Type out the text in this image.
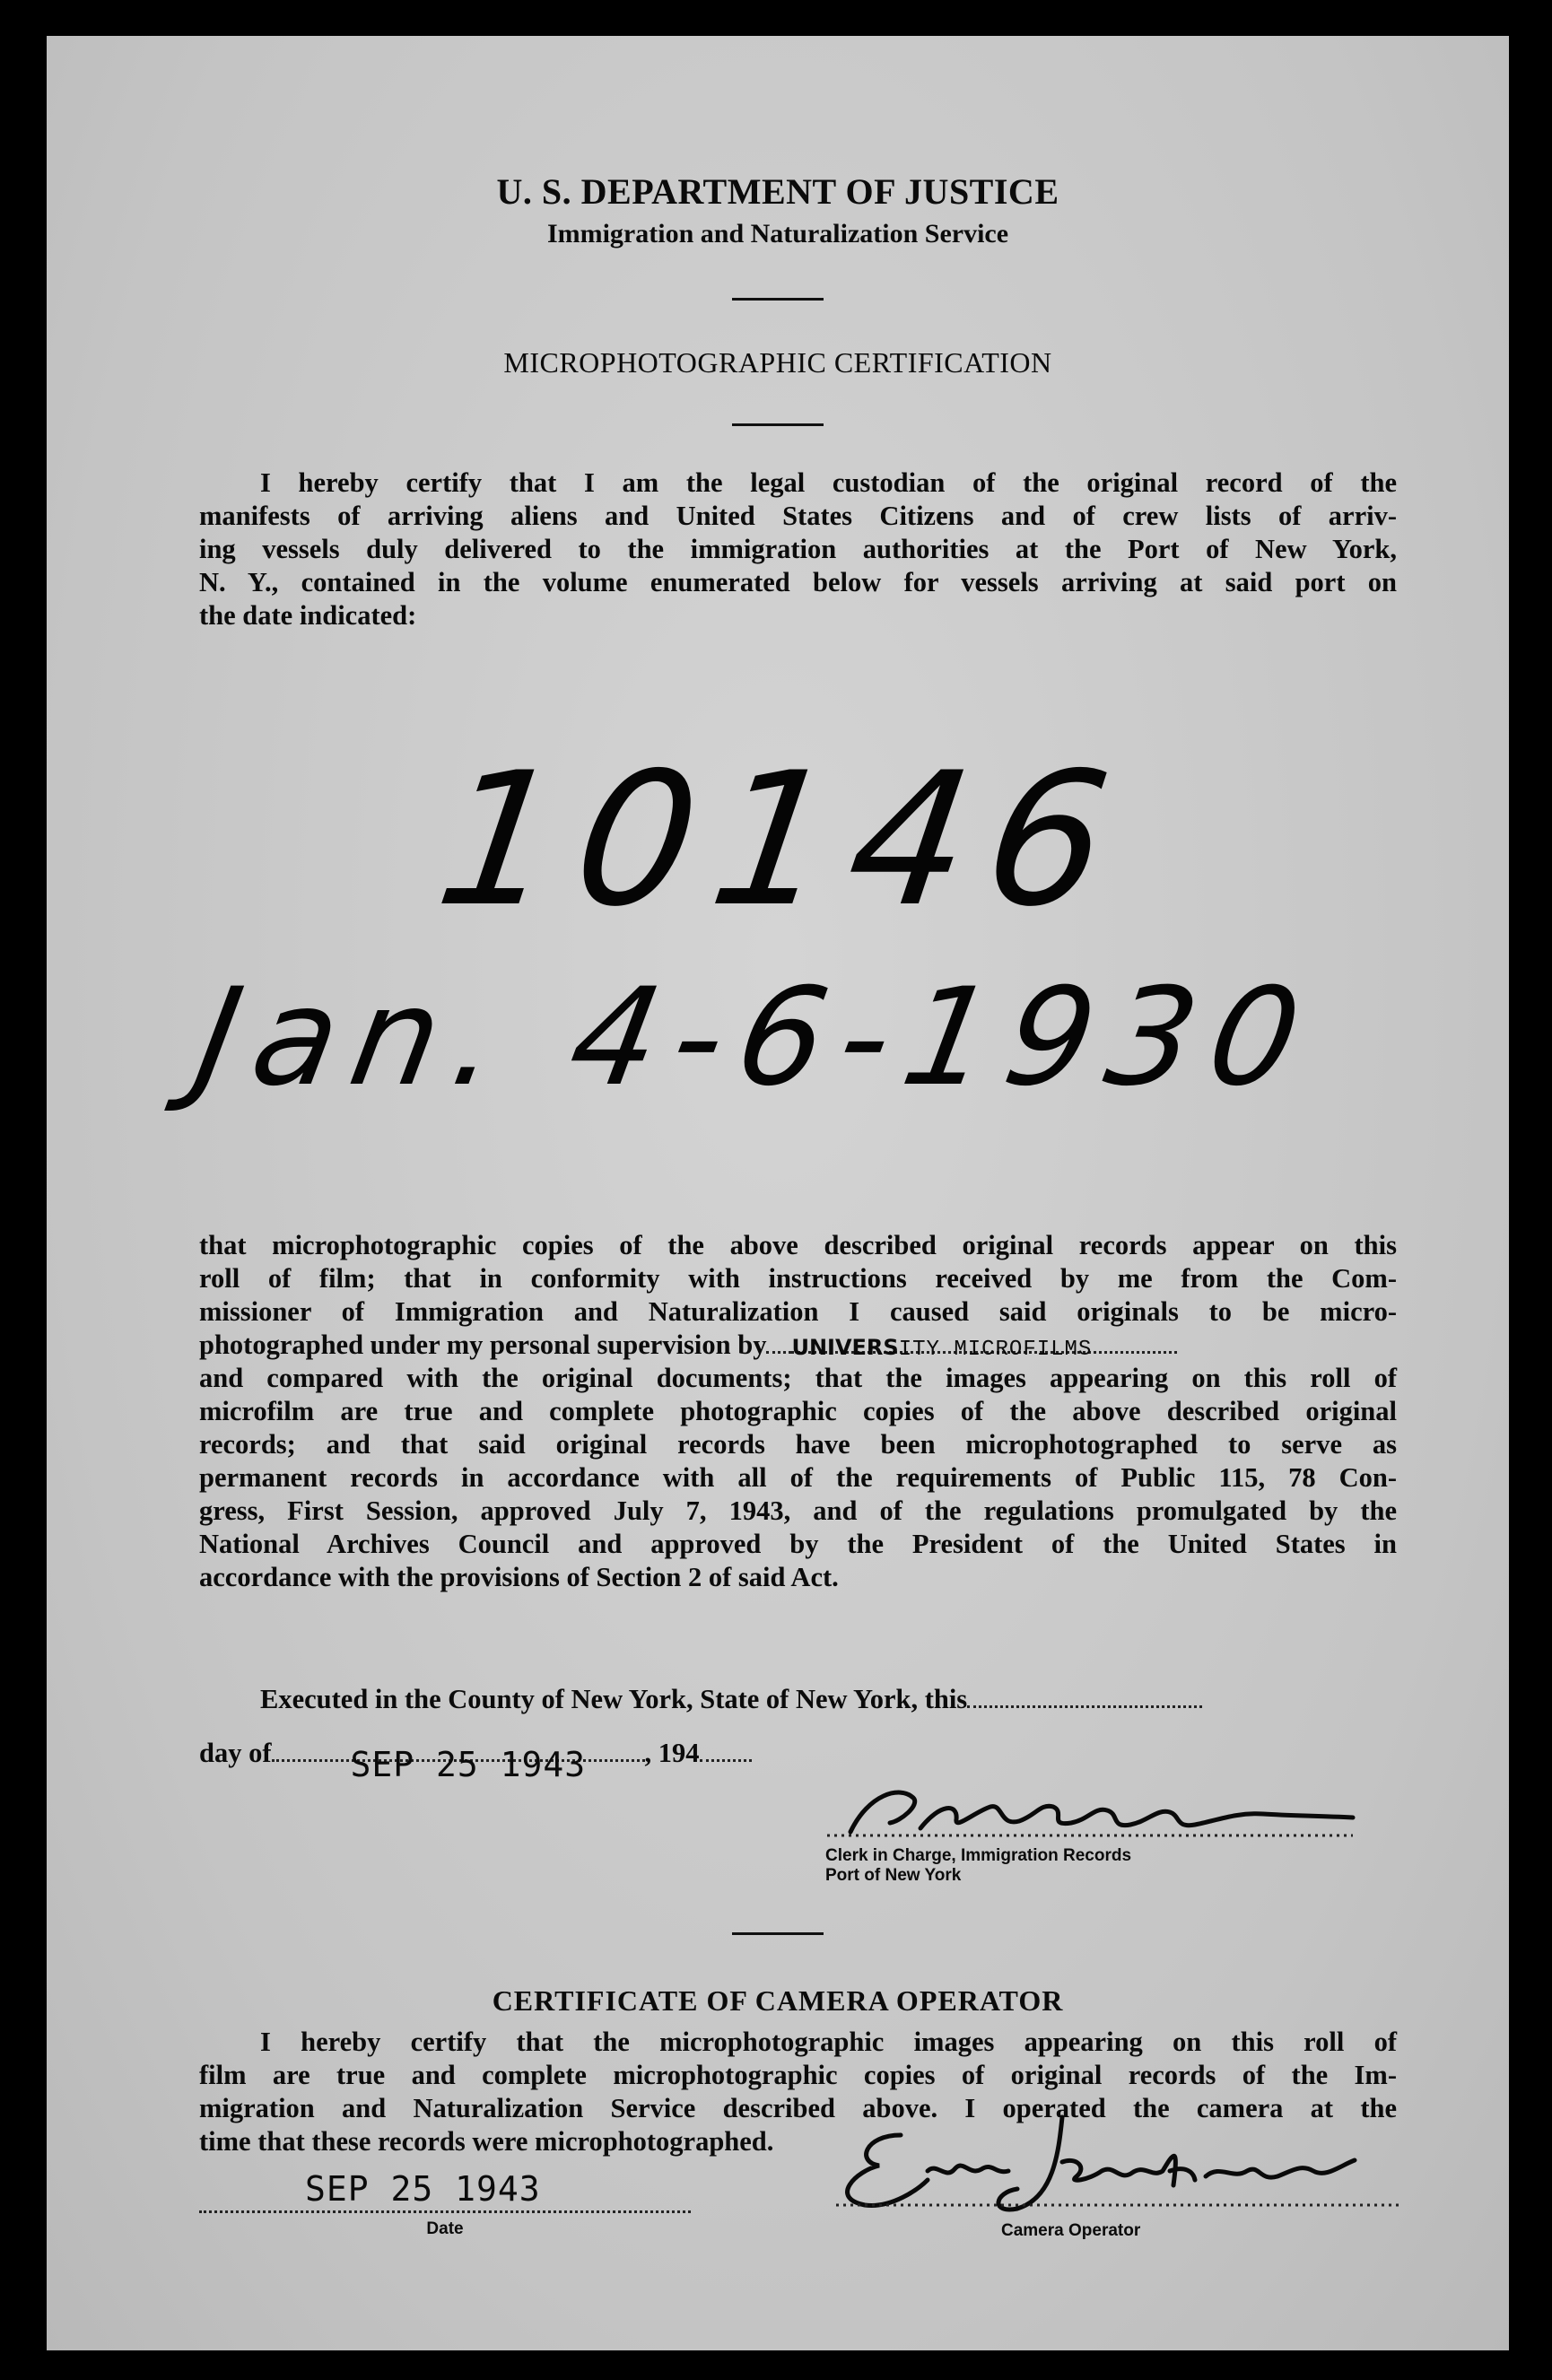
U. S. DEPARTMENT OF JUSTICE
Immigration and Naturalization Service
MICROPHOTOGRAPHIC CERTIFICATION
I hereby certify that I am the legal custodian of the original record of the
manifests of arriving aliens and United States Citizens and of crew lists of arriv-
ing vessels duly delivered to the immigration authorities at the Port of New York,
N. Y., contained in the volume enumerated below for vessels arriving at said port on
the date indicated:
10146
Jan. 4-6-1930
that microphotographic copies of the above described original records appear on this
roll of film; that in conformity with instructions received by me from the Com-
missioner of Immigration and Naturalization I caused said originals to be micro-
photographed under my personal supervision by UNIVERSITY MICROFILMS
and compared with the original documents; that the images appearing on this roll of
microfilm are true and complete photographic copies of the above described original
records; and that said original records have been microphotographed to serve as
permanent records in accordance with all of the requirements of Public 115, 78 Con-
gress, First Session, approved July 7, 1943, and of the regulations promulgated by the
National Archives Council and approved by the President of the United States in
accordance with the provisions of Section 2 of said Act.
Executed in the County of New York, State of New York, this
day of SEP 25 1943 , 194
Clerk in Charge, Immigration Records
Port of New York
CERTIFICATE OF CAMERA OPERATOR
I hereby certify that the microphotographic images appearing on this roll of
film are true and complete microphotographic copies of original records of the Im-
migration and Naturalization Service described above. I operated the camera at the
time that these records were microphotographed.
SEP 25 1943
Date	Camera Operator
